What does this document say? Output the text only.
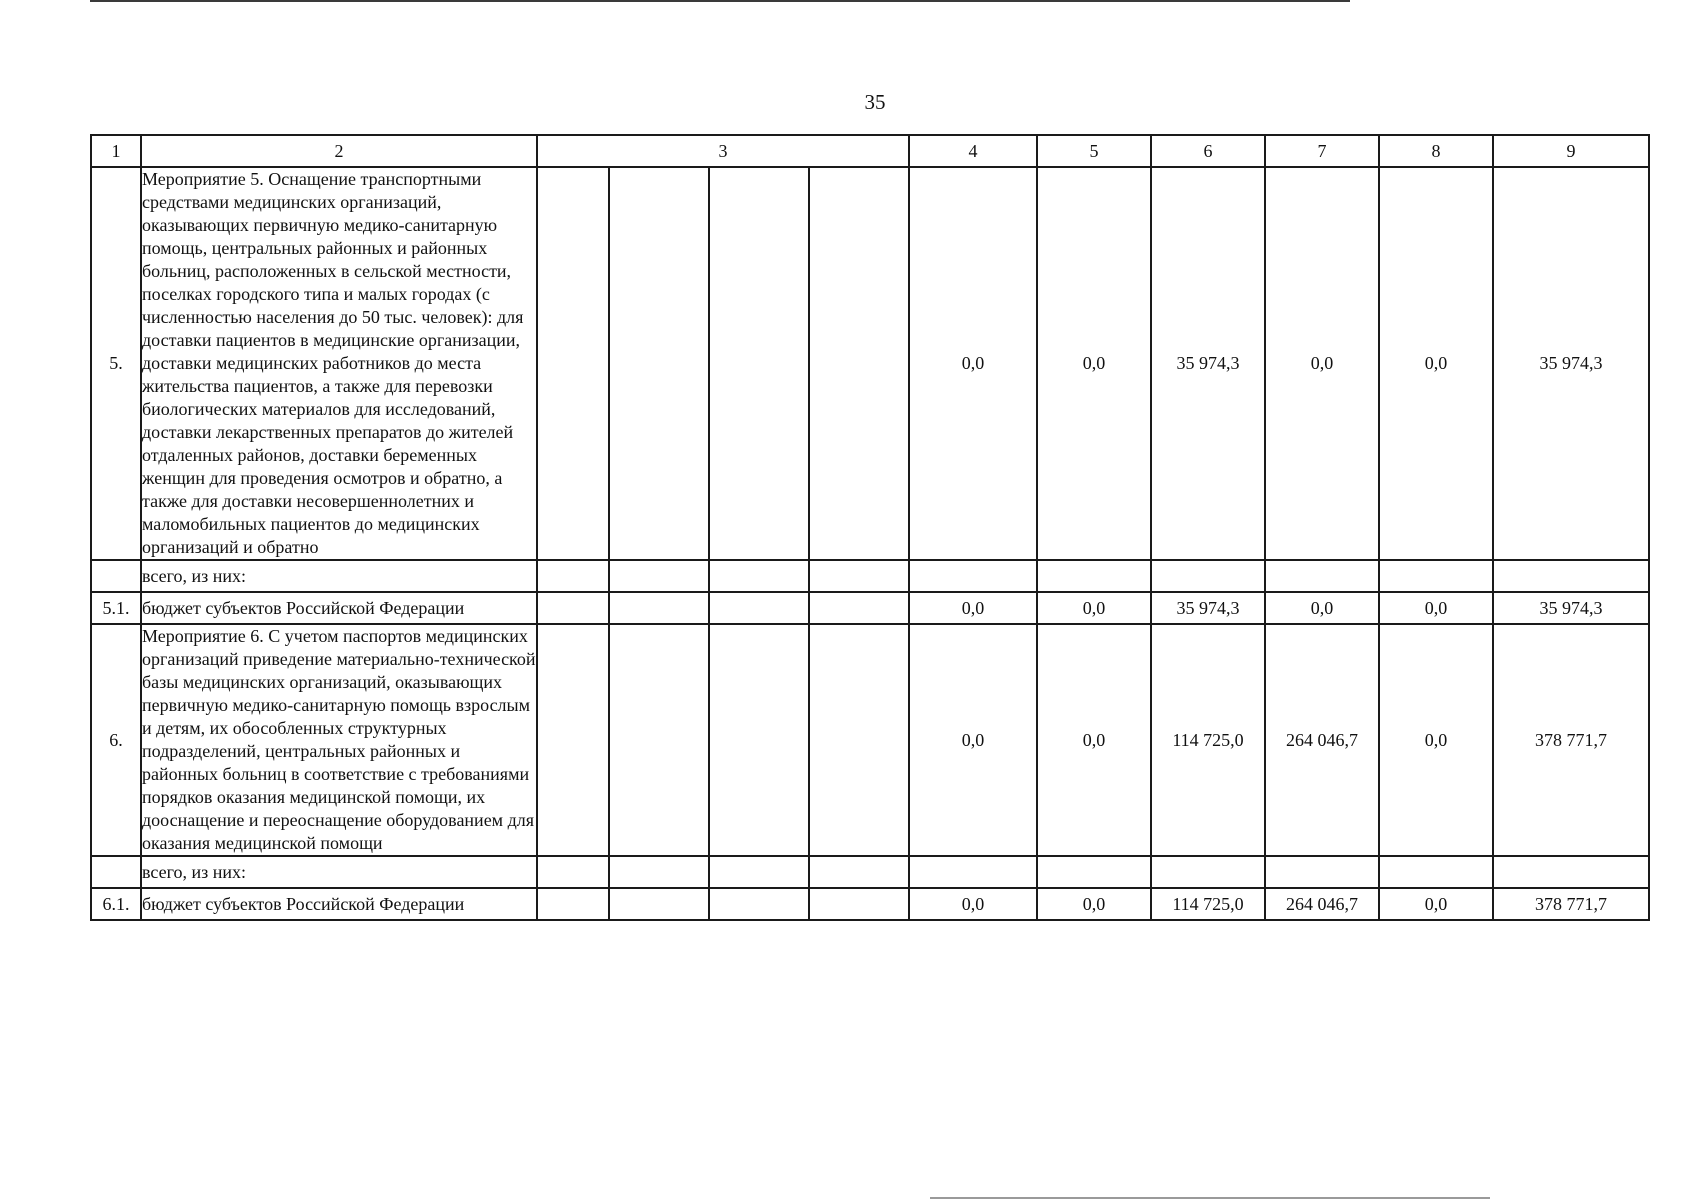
35
1	2	3				4	5	6	7	8	9
5.	Мероприятие 5. Оснащение транспортными средствами медицинских организаций, оказывающих первичную медико-санитарную помощь, центральных районных и районных больниц, расположенных в сельской местности, поселках городского типа и малых городах (с численностью населения до 50 тыс. человек): для доставки пациентов в медицинские организации, доставки медицинских работников до места жительства пациентов, а также для перевозки биологических материалов для исследований, доставки лекарственных препаратов до жителей отдаленных районов, доставки беременных женщин для проведения осмотров и обратно, а также для доставки несовершеннолетних и маломобильных пациентов до медицинских организаций и обратно					0,0	0,0	35 974,3	0,0	0,0	35 974,3
	всего, из них:										
5.1.	бюджет субъектов Российской Федерации					0,0	0,0	35 974,3	0,0	0,0	35 974,3
6.	Мероприятие 6. С учетом паспортов медицинских организаций приведение материально-технической базы медицинских организаций, оказывающих первичную медико-санитарную помощь взрослым и детям, их обособленных структурных подразделений, центральных районных и районных больниц в соответствие с требованиями порядков оказания медицинской помощи, их дооснащение и переоснащение оборудованием для оказания медицинской помощи					0,0	0,0	114 725,0	264 046,7	0,0	378 771,7
	всего, из них:										
6.1.	бюджет субъектов Российской Федерации					0,0	0,0	114 725,0	264 046,7	0,0	378 771,7
